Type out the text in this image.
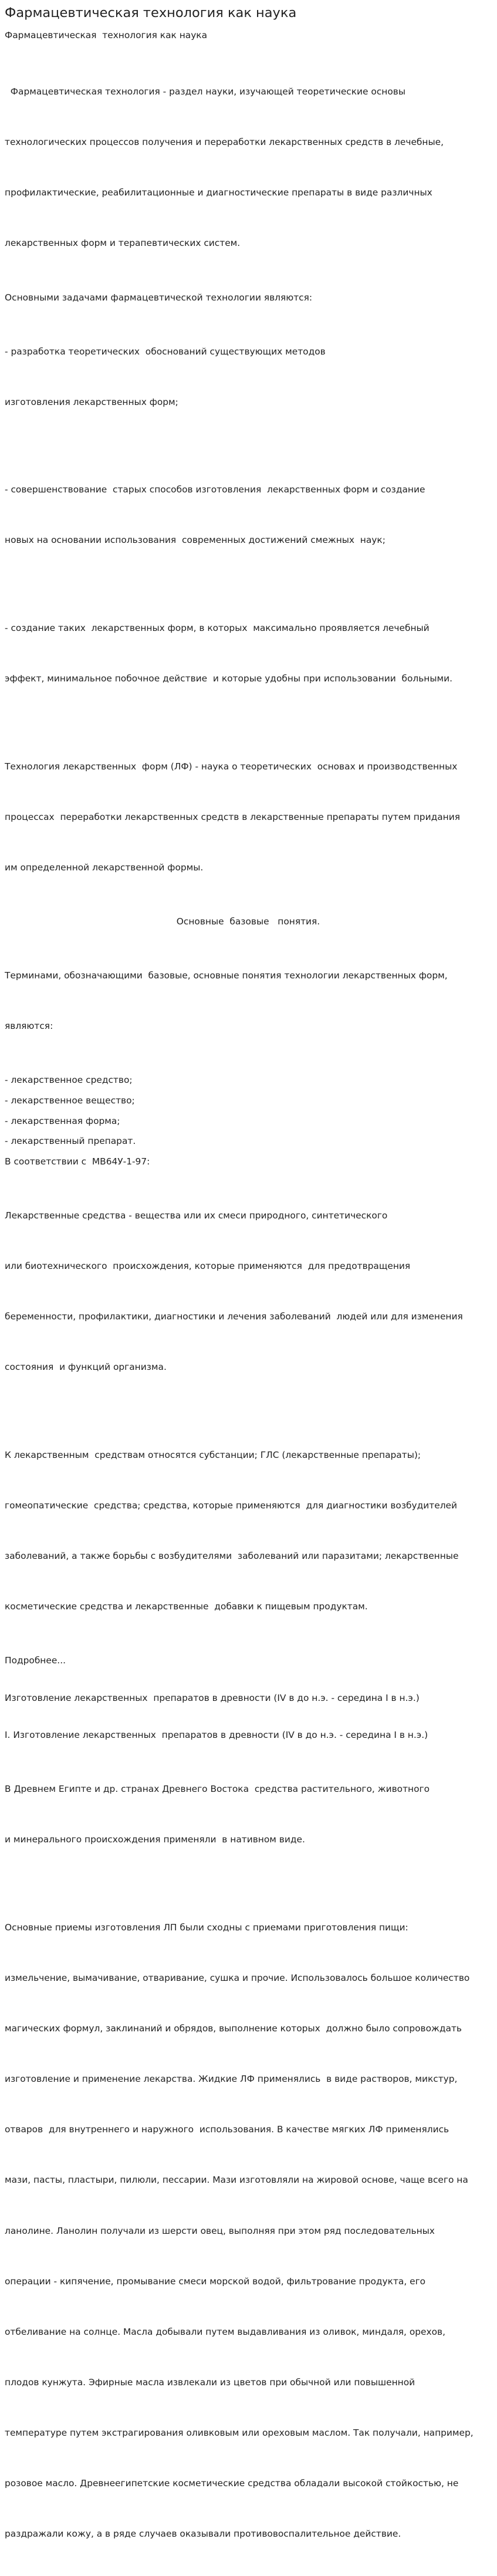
Фармацевтическая технология как наука

Фармацевтическая  технология как наука

Фармацевтическая технология - раздел науки, изучающей теоретические основы

технологических процессов получения и переработки лекарственных средств в лечебные,

профилактические, реабилитационные и диагностические препараты в виде различных

лекарственных форм и терапевтических систем.

Основными задачами фармацевтической технологии являются:

- разработка теоретических  обоснований существующих методов

изготовления лекарственных форм;

- совершенствование  старых способов изготовления  лекарственных форм и создание

новых на основании использования  современных достижений смежных  наук;

- создание таких  лекарственных форм, в которых  максимально проявляется лечебный

эффект, минимальное побочное действие  и которые удобны при использовании  больными.

Технология лекарственных  форм (ЛФ) - наука о теоретических  основах и производственных

процессах  переработки лекарственных средств в лекарственные препараты путем придания

им определенной лекарственной формы.

Основные  базовые   понятия.

Терминами, обозначающими  базовые, основные понятия технологии лекарственных форм,

являются:

- лекарственное средство;

- лекарственное вещество;

- лекарственная форма;

- лекарственный препарат.

В соответствии с  МВ64У-1-97:

Лекарственные средства - вещества или их смеси природного, синтетического

или биотехнического  происхождения, которые применяются  для предотвращения

беременности, профилактики, диагностики и лечения заболеваний  людей или для изменения

состояния  и функций организма.

К лекарственным  средствам относятся субстанции; ГЛС (лекарственные препараты);

гомеопатические  средства; средства, которые применяются  для диагностики возбудителей

заболеваний, а также борьбы с возбудителями  заболеваний или паразитами; лекарственные

косметические средства и лекарственные  добавки к пищевым продуктам.

Подробнее...

Изготовление лекарственных  препаратов в древности (IV в до н.э. - середина I в н.э.)

I. Изготовление лекарственных  препаратов в древности (IV в до н.э. - середина I в н.э.)

В Древнем Египте и др. странах Древнего Востока  средства растительного, животного

и минерального происхождения применяли  в нативном виде.

Основные приемы изготовления ЛП были сходны с приемами приготовления пищи:

измельчение, вымачивание, отваривание, сушка и прочие. Использовалось большое количество

магических формул, заклинаний и обрядов, выполнение которых  должно было сопровождать

изготовление и применение лекарства. Жидкие ЛФ применялись  в виде растворов, микстур,

отваров  для внутреннего и наружного  использования. В качестве мягких ЛФ применялись

мази, пасты, пластыри, пилюли, пессарии. Мази изготовляли на жировой основе, чаще всего на

ланолине. Ланолин получали из шерсти овец, выполняя при этом ряд последовательных

операции - кипячение, промывание смеси морской водой, фильтрование продукта, его

отбеливание на солнце. Масла добывали путем выдавливания из оливок, миндаля, орехов,

плодов кунжута. Эфирные масла извлекали из цветов при обычной или повышенной

температуре путем экстрагирования оливковым или ореховым маслом. Так получали, например,

розовое масло. Древнеегипетские косметические средства обладали высокой стойкостью, не

раздражали кожу, а в ряде случаев оказывали противовоспалительное действие.
